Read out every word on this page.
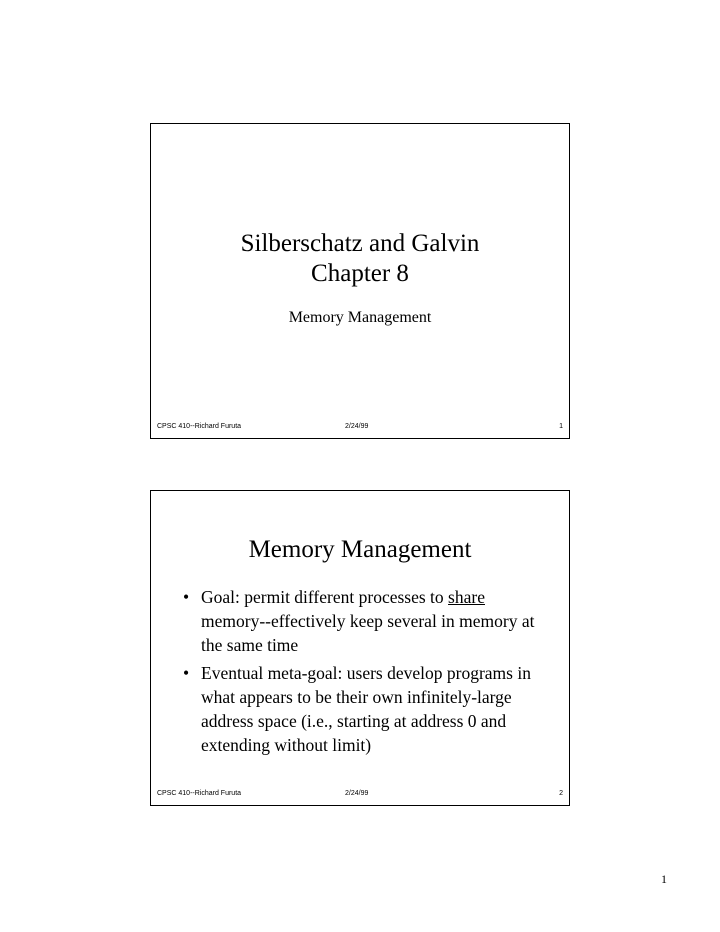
Silberschatz and Galvin
Chapter 8
Memory Management
CPSC 410--Richard Furuta	2/24/99	1
Memory Management
• Goal: permit different processes to share memory--effectively keep several in memory at the same time
• Eventual meta-goal: users develop programs in what appears to be their own infinitely-large address space (i.e., starting at address 0 and extending without limit)
CPSC 410--Richard Furuta	2/24/99	2
1
